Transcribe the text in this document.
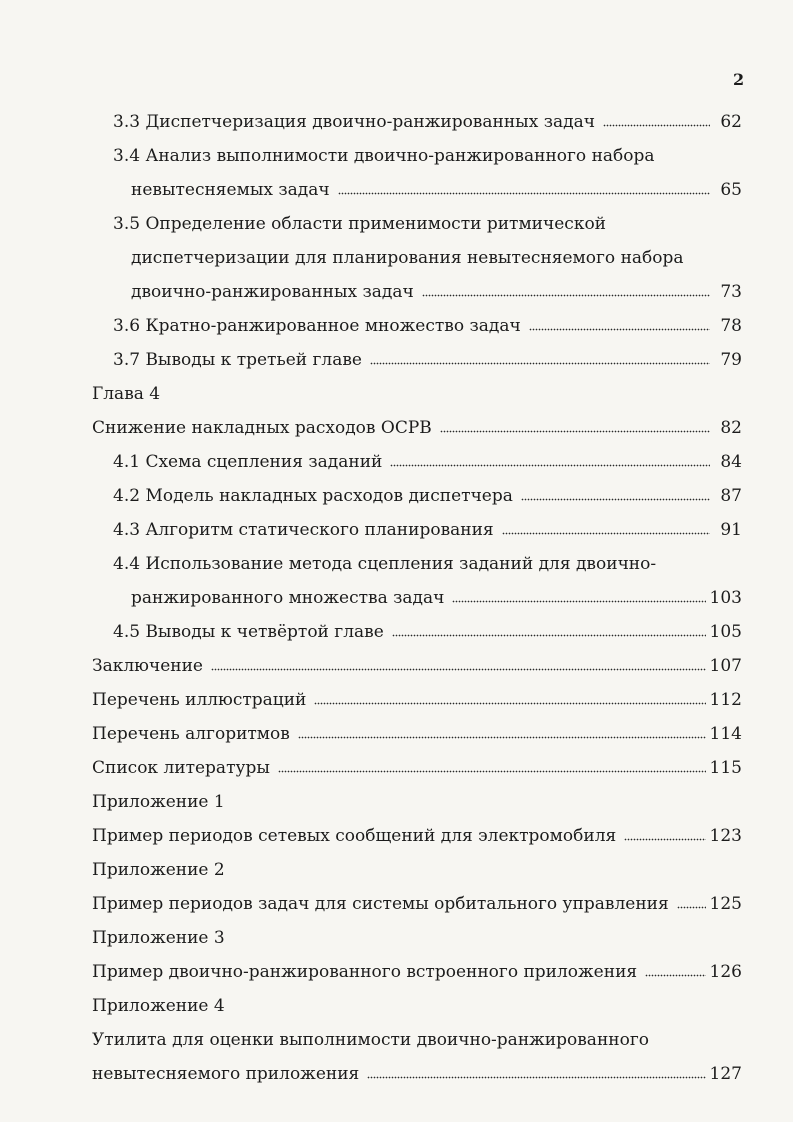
2
3.3 Диспетчеризация двоично-ранжированных задач	62
3.4 Анализ выполнимости двоично-ранжированного набора
невытесняемых задач	65
3.5 Определение области применимости ритмической
диспетчеризации для планирования невытесняемого набора
двоично-ранжированных задач	73
3.6 Кратно-ранжированное множество задач	78
3.7 Выводы к третьей главе	79
Глава 4
Снижение накладных расходов ОСРВ	82
4.1 Схема сцепления заданий	84
4.2 Модель накладных расходов диспетчера	87
4.3 Алгоритм статического планирования	91
4.4 Использование метода сцепления заданий для двоично-
ранжированного множества задач	103
4.5 Выводы к четвёртой главе	105
Заключение	107
Перечень иллюстраций	112
Перечень алгоритмов	114
Список литературы	115
Приложение 1
Пример периодов сетевых сообщений для электромобиля	123
Приложение 2
Пример периодов задач для системы орбитального управления 125
Приложение 3
Пример двоично-ранжированного встроенного приложения	126
Приложение 4
Утилита для оценки выполнимости двоично-ранжированного
невытесняемого приложения	127
